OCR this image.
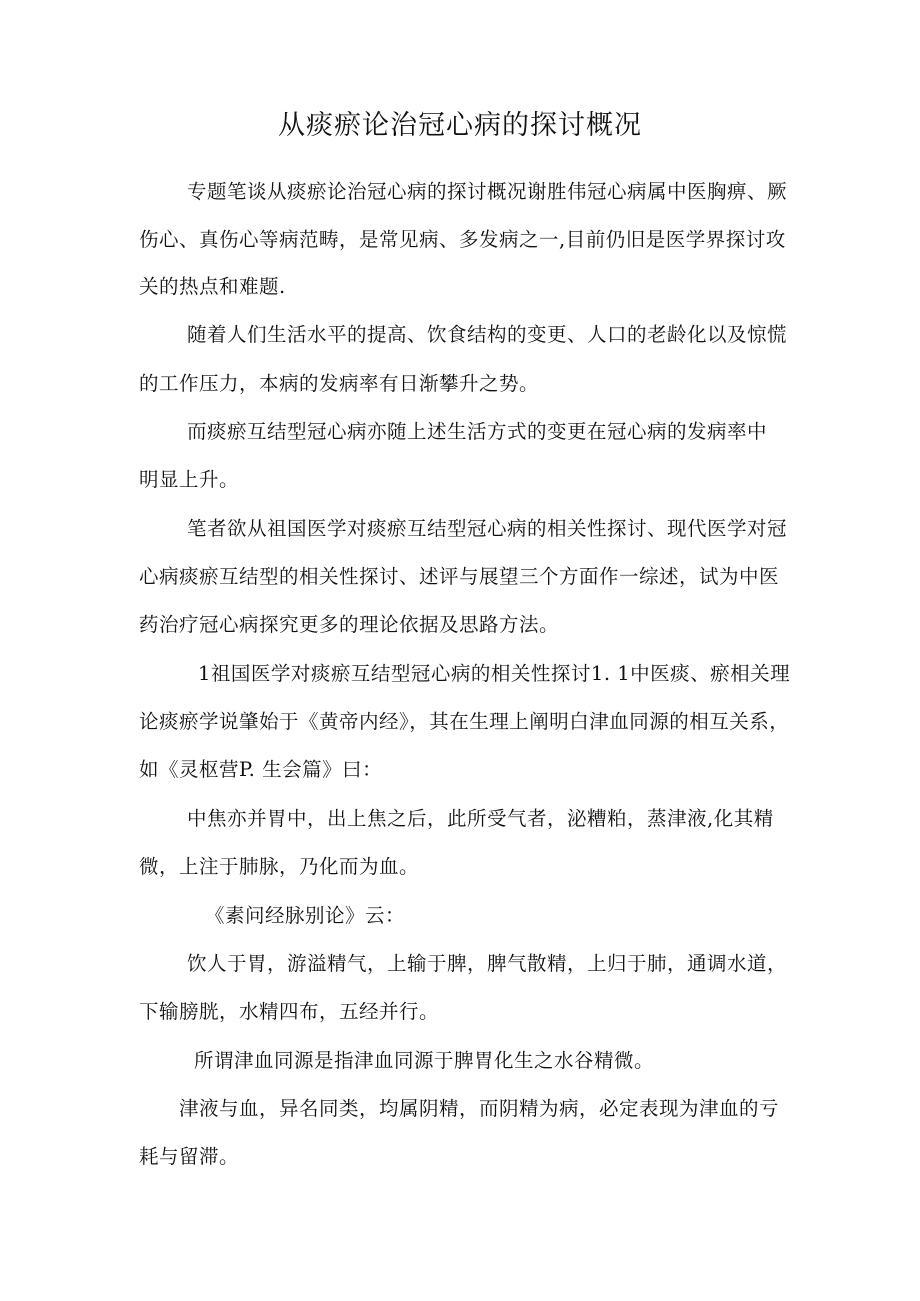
从痰瘀论治冠心病的探讨概况

专题笔谈从痰瘀论治冠心病的探讨概况谢胜伟冠心病属中医胸痹、厥

伤心、真伤心等病范畴，是常见病、多发病之一,目前仍旧是医学界探讨攻

关的热点和难题.

随着人们生活水平的提高、饮食结构的变更、人口的老龄化以及惊慌

的工作压力，本病的发病率有日渐攀升之势。

而痰瘀互结型冠心病亦随上述生活方式的变更在冠心病的发病率中

明显上升。

笔者欲从祖国医学对痰瘀互结型冠心病的相关性探讨、现代医学对冠

心病痰瘀互结型的相关性探讨、述评与展望三个方面作一综述，试为中医

药治疗冠心病探究更多的理论依据及思路方法。

1祖国医学对痰瘀互结型冠心病的相关性探讨1. 1中医痰、瘀相关理

论痰瘀学说肇始于《黄帝内经》，其在生理上阐明白津血同源的相互关系，

如《灵枢营P. 生会篇》曰：

中焦亦并胃中，出上焦之后，此所受气者，泌糟粕，蒸津液,化其精

微，上注于肺脉，乃化而为血。

《素问经脉别论》云：

饮人于胃，游溢精气，上输于脾，脾气散精，上归于肺，通调水道，

下输膀胱，水精四布，五经并行。

所谓津血同源是指津血同源于脾胃化生之水谷精微。

津液与血，异名同类，均属阴精，而阴精为病，必定表现为津血的亏

耗与留滞。
